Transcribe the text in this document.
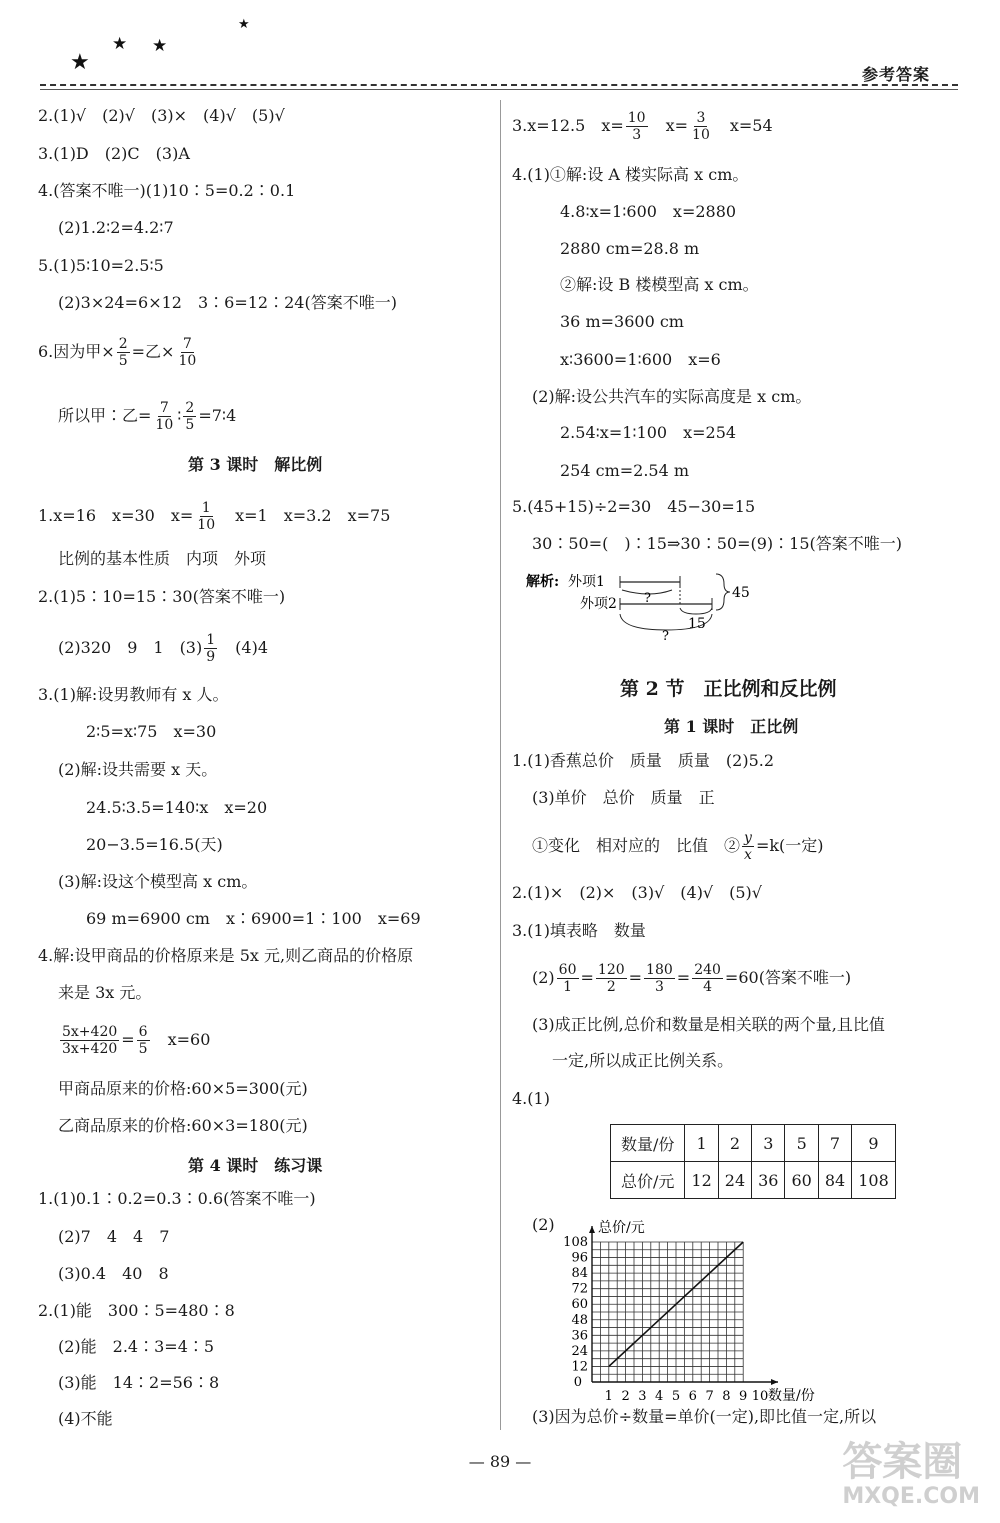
★
★ ★
★
参考答案
2.(1)√　(2)√　(3)×　(4)√　(5)√
3.(1)D　(2)C　(3)A
4.(答案不唯一)(1)10∶5=0.2∶0.1
(2)1.2∶2=4.2∶7
5.(1)5∶10=2.5∶5
(2)3×24=6×12　3∶6=12∶24(答案不唯一)
6.因为甲× $\frac{2}{5}$ =乙× $\frac{7}{10}$
所以甲∶乙= $\frac{7}{10}$ ∶ $\frac{2}{5}$ =7∶4
第 3 课时　解比例
1.x=16　x=30　$x= \frac{1}{10}$ 　x=1　x=3.2　x=75
比例的基本性质　内项　外项
2.(1)5∶10=15∶30(答案不唯一)
(2)320　9　1　$(3) \frac{1}{9}$ 　(4)4
3.(1)解:设男教师有 x 人。
2∶5=x∶75　x=30
(2)解:设共需要 x 天。
24.5∶3.5=140∶x　x=20
20−3.5=16.5(天)
(3)解:设这个模型高 x cm。
69 m=6900 cm　x∶6900=1∶100　x=69
4.解:设甲商品的价格原来是 5x 元,则乙商品的价格原
来是 3x 元。
$\frac{5x+420}{3x+420} = \frac{6}{5}$ 　x=60
甲商品原来的价格:60×5=300(元)
乙商品原来的价格:60×3=180(元)
第 4 课时　练习课
1.(1)0.1∶0.2=0.3∶0.6(答案不唯一)
(2)7　4　4　7
(3)0.4　40　8
2.(1)能　300∶5=480∶8
(2)能　2.4∶3=4∶5
(3)能　14∶2=56∶8
(4)不能
3.x=12.5　$x= \frac{10}{3}$ 　$x= \frac{3}{10}$ 　x=54
4.(1)①解:设 A 楼实际高 x cm。
4.8∶x=1∶600　x=2880
2880 cm=28.8 m
②解:设 B 楼模型高 x cm。
36 m=3600 cm
x∶3600=1∶600　x=6
(2)解:设公共汽车的实际高度是 x cm。
2.54∶x=1∶100　x=254
254 cm=2.54 m
5.(45+15)÷2=30　45−30=15
30∶50=(　)∶15⇒30∶50=(9)∶15(答案不唯一)
解析: 外项1
外项2 ?	45
15
?
第 2 节　正比例和反比例
第 1 课时　正比例
1.(1)香蕉总价　质量　质量　(2)5.2
(3)单价　总价　质量　正
①变化　相对应的　比值　② $\frac{y}{x} =k$(一定)
2.(1)×　(2)×　(3)√　(4)√　(5)√
3.(1)填表略　数量
$(2) \frac{60}{1} = \frac{120}{2} = \frac{180}{3} = \frac{240}{4} =60$(答案不唯一)
(3)成正比例,总价和数量是相关联的两个量,且比值
一定,所以成正比例关系。
4.(1)
数量/份	1	2	3	5	7	9
总价/元	12	24	36	60	84	108
(2)
12
24
36
48
60
72
84
96
108
1 2 3 4 5 6 7 8 9 10
0
总价/元
数量/份
(3)因为总价÷数量=单价(一定),即比值一定,所以
— 89 —	答案圈
MXQE.COM
